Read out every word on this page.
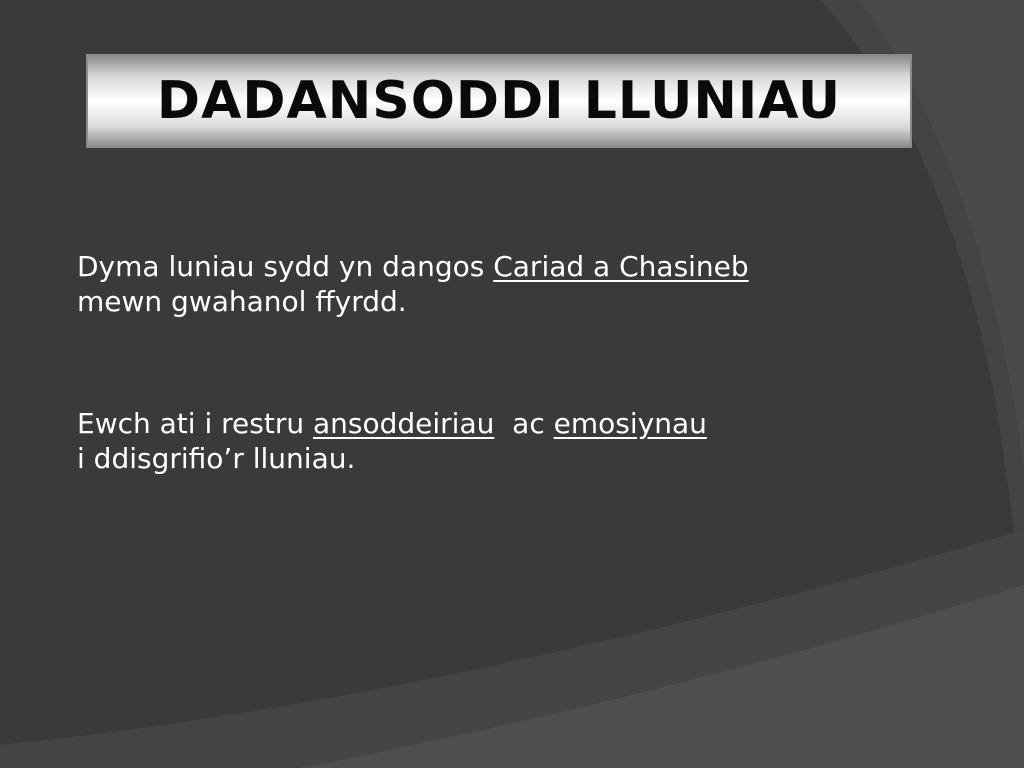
DADANSODDI LLUNIAU

Dyma luniau sydd yn dangos Cariad a Chasineb
mewn gwahanol ffyrdd.

Ewch ati i restru ansoddeiriau  ac emosiynau
i ddisgrifio’r lluniau.
